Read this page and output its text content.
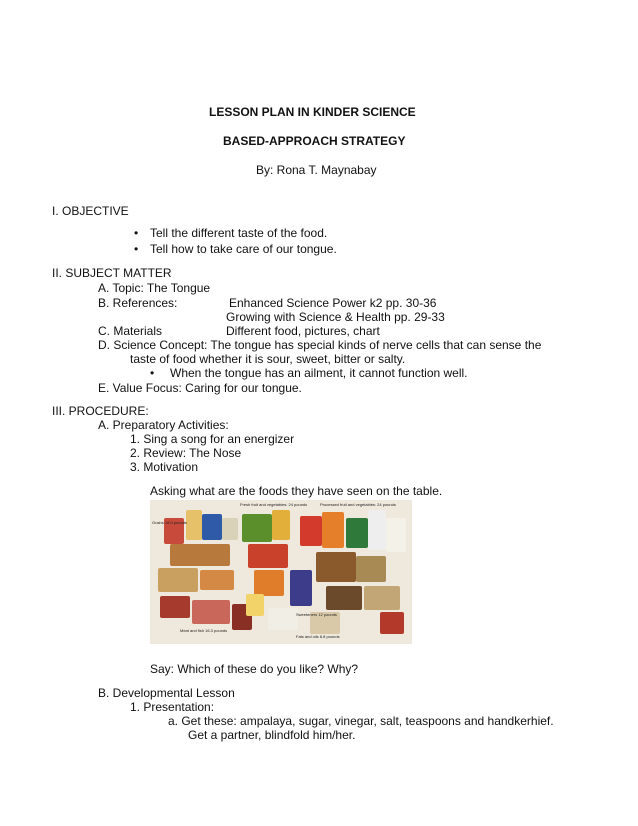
LESSON PLAN IN KINDER SCIENCE
BASED-APPROACH STRATEGY
By: Rona T. Maynabay
I. OBJECTIVE
• Tell the different taste of the food.
• Tell how to take care of our tongue.
II. SUBJECT MATTER
A. Topic: The Tongue
B. References:	Enhanced Science Power k2 pp. 30-36
Growing with Science & Health pp. 29-33
C. Materials	Different food, pictures, chart
D. Science Concept: The tongue has special kinds of nerve cells that can sense the
taste of food whether it is sour, sweet, bitter or salty.
• When the tongue has an ailment, it cannot function well.
E. Value Focus: Caring for our tongue.
III. PROCEDURE:
A. Preparatory Activities:
1. Sing a song for an energizer
2. Review: The Nose
3. Motivation
Asking what are the foods they have seen on the table.
Fresh fruit and vegetables: 24 pounds	Processed fruit and vegetables: 24 pounds
Grains 18.0 pounds
Fats and oils 8.8 pounds
Sweeteners 12 pounds
Meat and fish 16.3 pounds
Say: Which of these do you like? Why?
B. Developmental Lesson
1. Presentation:
a. Get these: ampalaya, sugar, vinegar, salt, teaspoons and handkerhief.
Get a partner, blindfold him/her.
